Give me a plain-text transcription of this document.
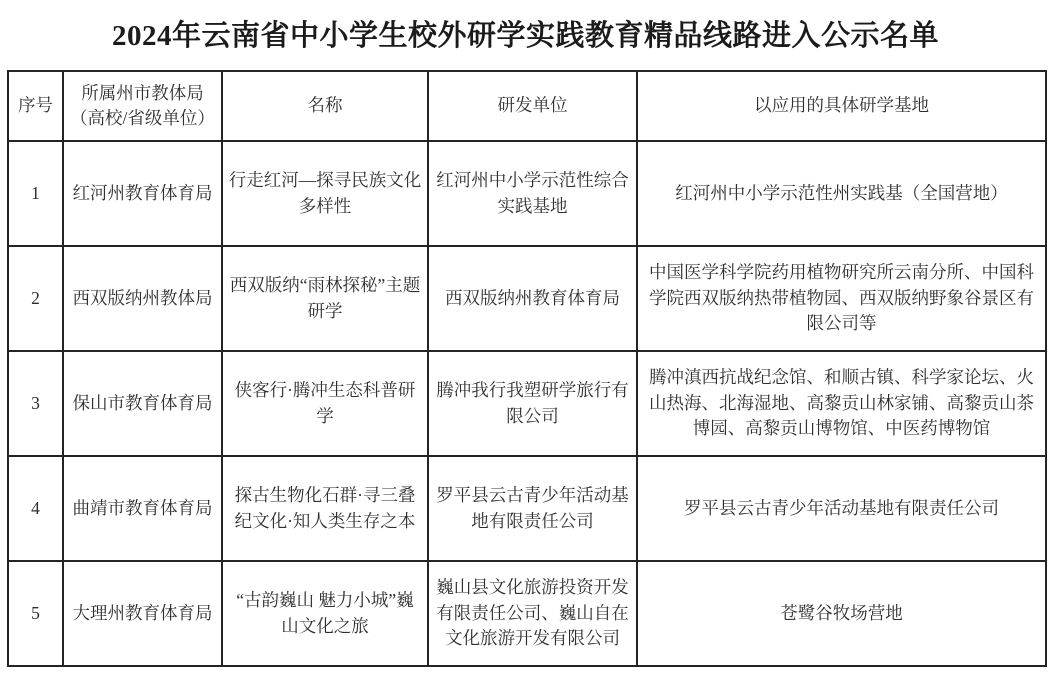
2024年云南省中小学生校外研学实践教育精品线路进入公示名单
序号	所属州市教体局（高校/省级单位）	名称	研发单位	以应用的具体研学基地
1	红河州教育体育局	行走红河—探寻民族文化多样性	红河州中小学示范性综合实践基地	红河州中小学示范性州实践基（全国营地）
2	西双版纳州教体局	西双版纳“雨林探秘”主题研学	西双版纳州教育体育局	中国医学科学院药用植物研究所云南分所、中国科学院西双版纳热带植物园、西双版纳野象谷景区有限公司等
3	保山市教育体育局	侠客行·腾冲生态科普研学	腾冲我行我塑研学旅行有限公司	腾冲滇西抗战纪念馆、和顺古镇、科学家论坛、火山热海、北海湿地、高黎贡山林家铺、高黎贡山茶博园、高黎贡山博物馆、中医药博物馆
4	曲靖市教育体育局	探古生物化石群·寻三叠纪文化·知人类生存之本	罗平县云古青少年活动基地有限责任公司	罗平县云古青少年活动基地有限责任公司
5	大理州教育体育局	“古韵巍山 魅力小城”巍山文化之旅	巍山县文化旅游投资开发有限责任公司、巍山自在文化旅游开发有限公司	苍鹭谷牧场营地
